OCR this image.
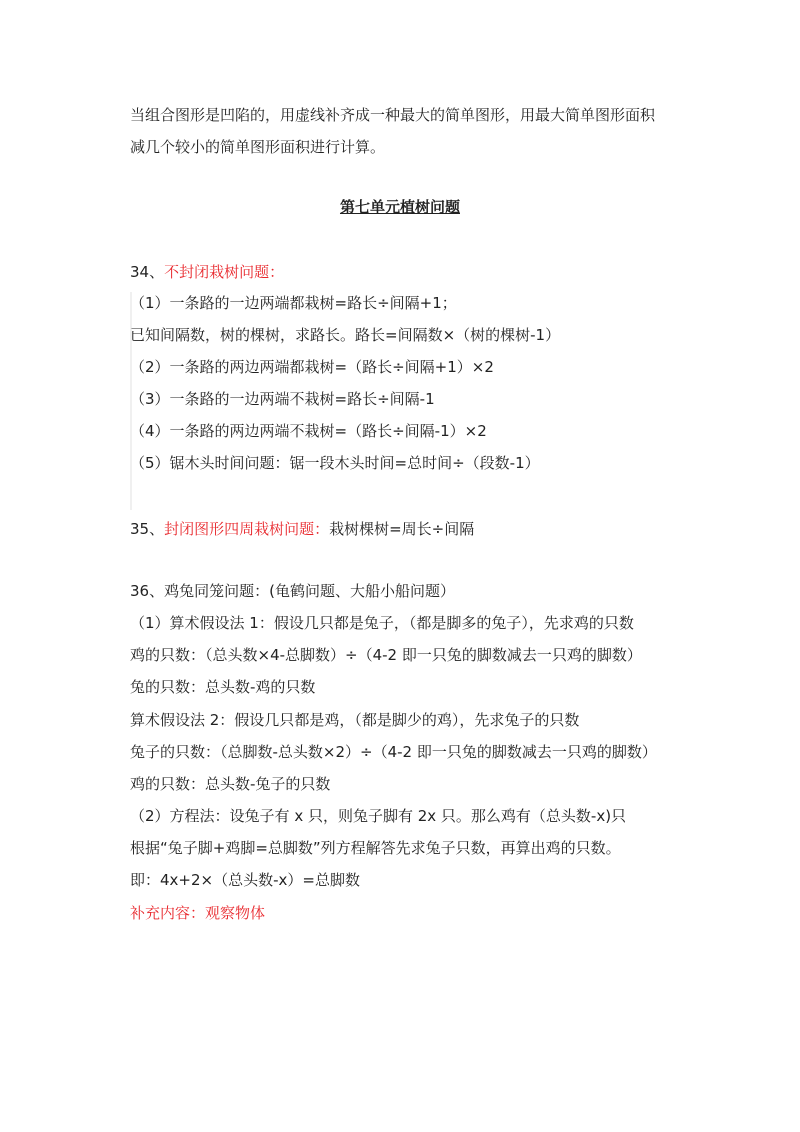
当组合图形是凹陷的，用虚线补齐成一种最大的简单图形，用最大简单图形面积
减几个较小的简单图形面积进行计算。
第七单元植树问题
34、不封闭栽树问题：
（1）一条路的一边两端都栽树=路长÷间隔+1；
已知间隔数，树的棵树，求路长。路长=间隔数×（树的棵树-1）
（2）一条路的两边两端都栽树=（路长÷间隔+1）×2
（3）一条路的一边两端不栽树=路长÷间隔-1
（4）一条路的两边两端不栽树=（路长÷间隔-1）×2
（5）锯木头时间问题：锯一段木头时间=总时间÷（段数-1）
35、封闭图形四周栽树问题：栽树棵树=周长÷间隔
36、鸡兔同笼问题：(龟鹤问题、大船小船问题）
（1）算术假设法 1：假设几只都是兔子，（都是脚多的兔子），先求鸡的只数
鸡的只数：（总头数×4-总脚数）÷（4-2 即一只兔的脚数减去一只鸡的脚数）
兔的只数：总头数-鸡的只数
算术假设法 2：假设几只都是鸡，（都是脚少的鸡），先求兔子的只数
兔子的只数：（总脚数-总头数×2）÷（4-2 即一只兔的脚数减去一只鸡的脚数）
鸡的只数：总头数-兔子的只数
（2）方程法：设兔子有 x 只，则兔子脚有 2x 只。那么鸡有（总头数-x)只
根据“兔子脚+鸡脚=总脚数”列方程解答先求兔子只数，再算出鸡的只数。
即：4x+2×（总头数-x）=总脚数
补充内容：观察物体
